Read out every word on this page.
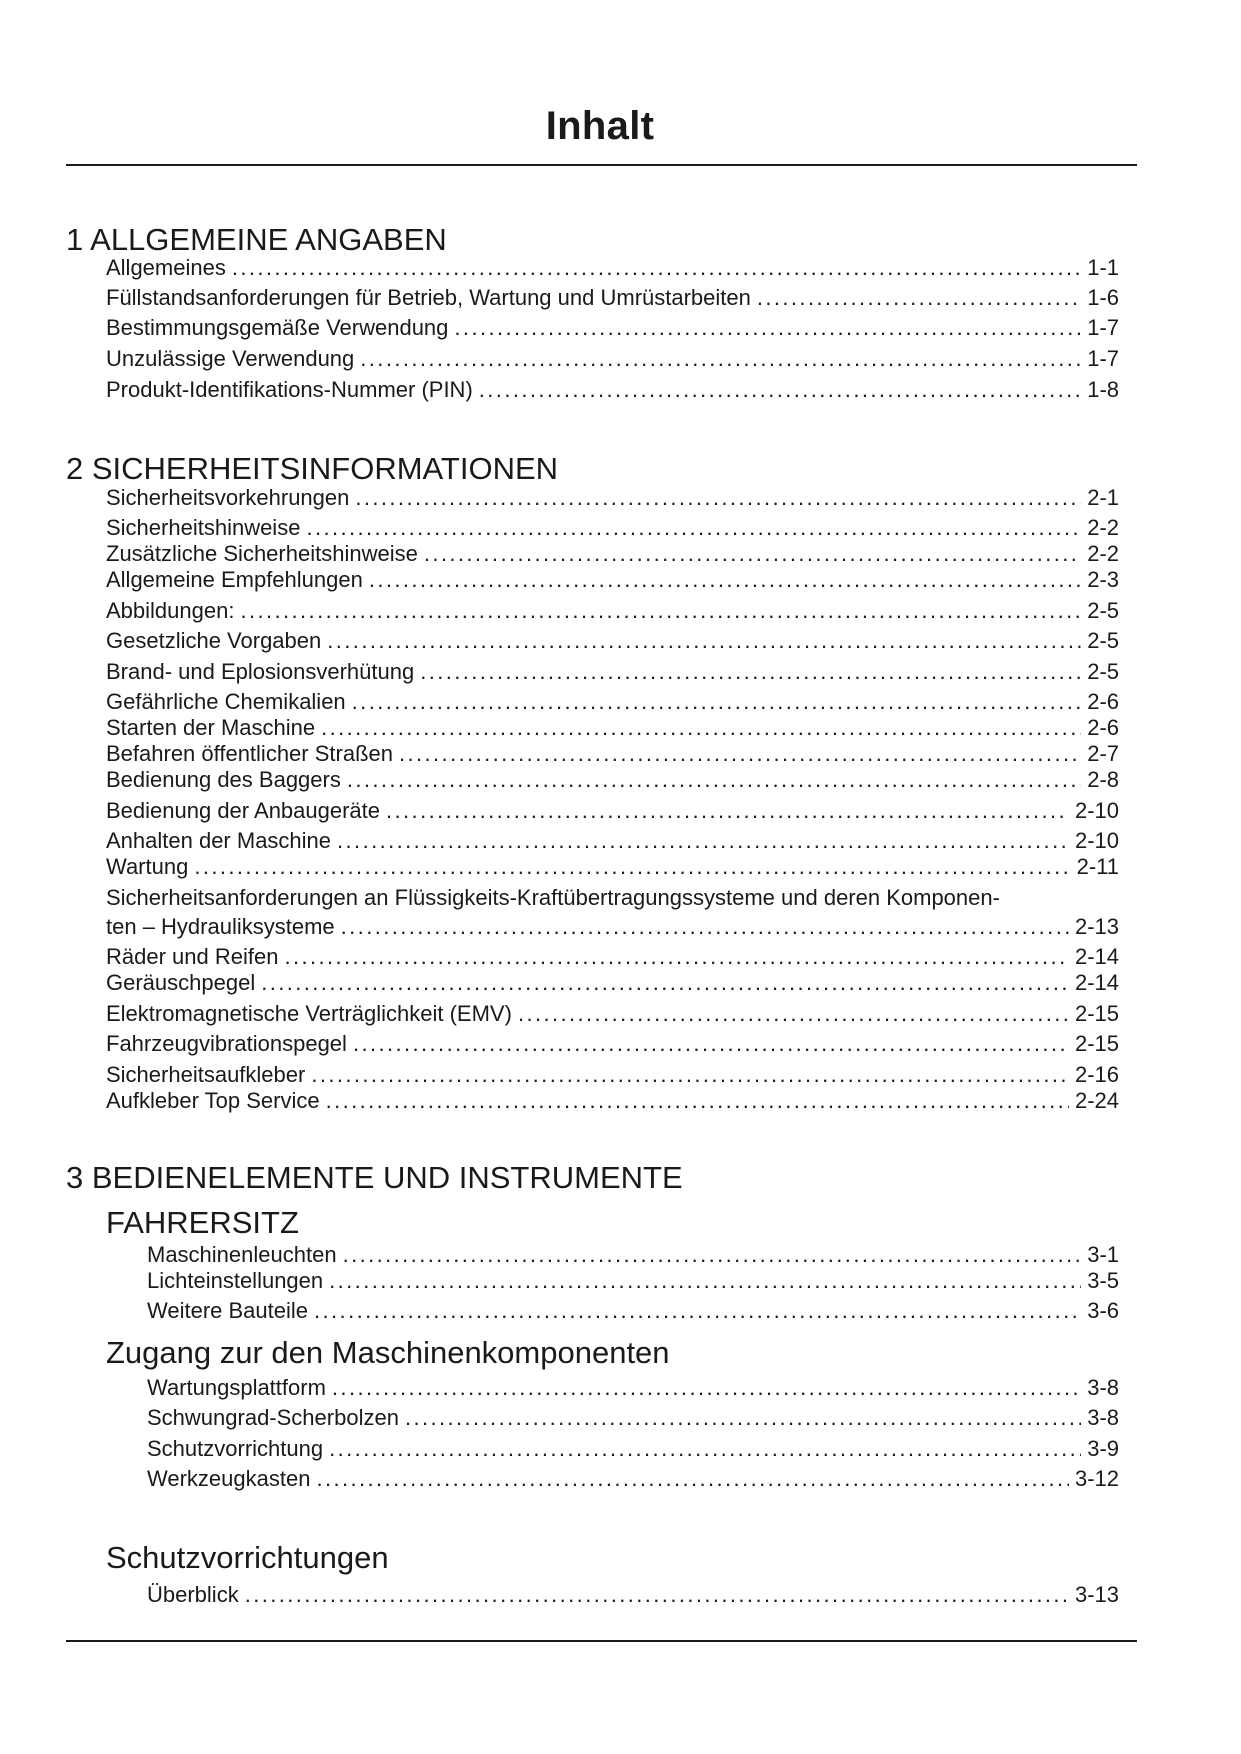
Inhalt
1 ALLGEMEINE ANGABEN
Allgemeines .....	1-1
Füllstandsanforderungen für Betrieb, Wartung und Umrüstarbeiten .....	1-6
Bestimmungsgemäße Verwendung .....	1-7
Unzulässige Verwendung .....	1-7
Produkt-Identifikations-Nummer (PIN) .....	1-8
2 SICHERHEITSINFORMATIONEN
Sicherheitsvorkehrungen .....	2-1
Sicherheitshinweise .....	2-2
Zusätzliche Sicherheitshinweise .....	2-2
Allgemeine Empfehlungen .....	2-3
Abbildungen: .....	2-5
Gesetzliche Vorgaben .....	2-5
Brand- und Eplosionsverhütung .....	2-5
Gefährliche Chemikalien .....	2-6
Starten der Maschine .....	2-6
Befahren öffentlicher Straßen .....	2-7
Bedienung des Baggers .....	2-8
Bedienung der Anbaugeräte .....	2-10
Anhalten der Maschine .....	2-10
Wartung .....	2-11
Sicherheitsanforderungen an Flüssigkeits-Kraftübertragungssysteme und deren Komponen-
ten – Hydrauliksysteme .....	2-13
Räder und Reifen .....	2-14
Geräuschpegel .....	2-14
Elektromagnetische Verträglichkeit (EMV) .....	2-15
Fahrzeugvibrationspegel .....	2-15
Sicherheitsaufkleber .....	2-16
Aufkleber Top Service .....	2-24
3 BEDIENELEMENTE UND INSTRUMENTE
FAHRERSITZ
Maschinenleuchten .....	3-1
Lichteinstellungen .....	3-5
Weitere Bauteile .....	3-6
Zugang zur den Maschinenkomponenten
Wartungsplattform .....	3-8
Schwungrad-Scherbolzen .....	3-8
Schutzvorrichtung .....	3-9
Werkzeugkasten .....	3-12
Schutzvorrichtungen
Überblick .....	3-13
